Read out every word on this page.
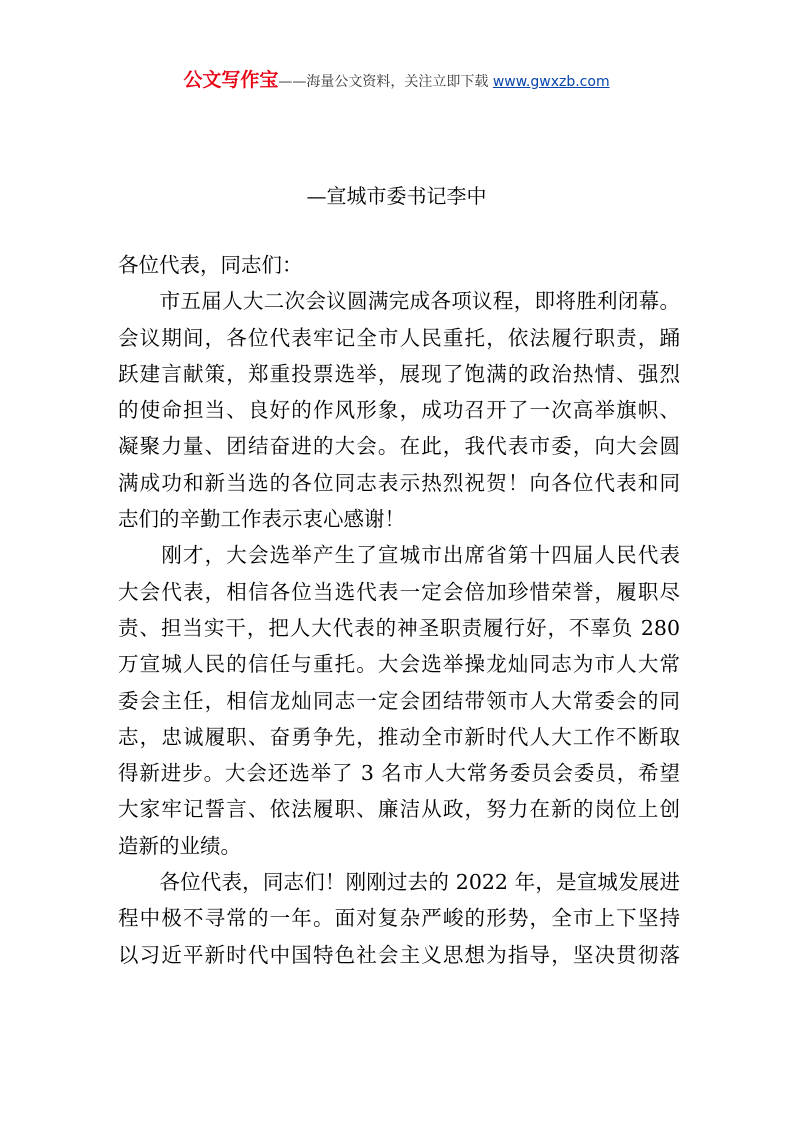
公文写作宝——海量公文资料，关注立即下载 www.gwxzb.com
—宣城市委书记李中

各位代表，同志们：

　　市五届人大二次会议圆满完成各项议程，即将胜利闭幕。
会议期间，各位代表牢记全市人民重托，依法履行职责，踊
跃建言献策，郑重投票选举，展现了饱满的政治热情、强烈
的使命担当、良好的作风形象，成功召开了一次高举旗帜、
凝聚力量、团结奋进的大会。在此，我代表市委，向大会圆
满成功和新当选的各位同志表示热烈祝贺！向各位代表和同
志们的辛勤工作表示衷心感谢！

　　刚才，大会选举产生了宣城市出席省第十四届人民代表
大会代表，相信各位当选代表一定会倍加珍惜荣誉，履职尽
责、担当实干，把人大代表的神圣职责履行好，不辜负 280
万宣城人民的信任与重托。大会选举操龙灿同志为市人大常
委会主任，相信龙灿同志一定会团结带领市人大常委会的同
志，忠诚履职、奋勇争先，推动全市新时代人大工作不断取
得新进步。大会还选举了 3 名市人大常务委员会委员，希望
大家牢记誓言、依法履职、廉洁从政，努力在新的岗位上创
造新的业绩。

　　各位代表，同志们！刚刚过去的 2022 年，是宣城发展进
程中极不寻常的一年。面对复杂严峻的形势，全市上下坚持
以习近平新时代中国特色社会主义思想为指导，坚决贯彻落
